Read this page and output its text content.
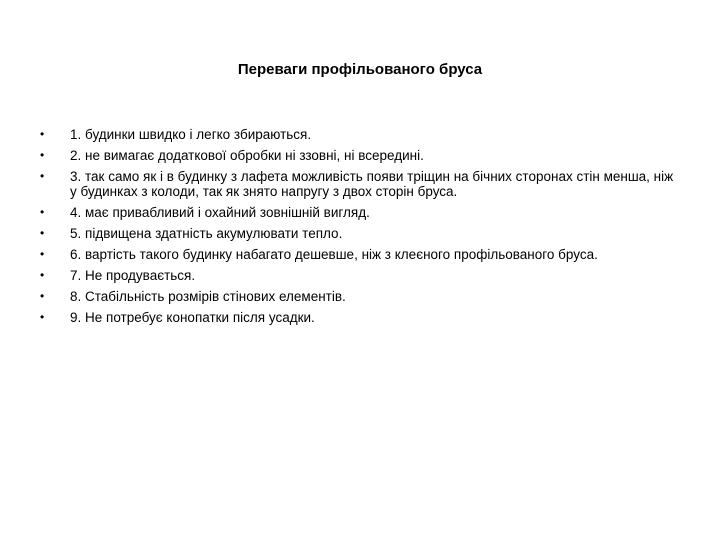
Переваги профільованого бруса
•	1. будинки швидко і легко збираються.
•	2. не вимагає додаткової обробки ні ззовні, ні всередині.
•	3. так само як і в будинку з лафета можливість появи тріщин на бічних сторонах стін менша, ніж у будинках з колоди, так як знято напругу з двох сторін бруса.
•	4. має привабливий і охайний зовнішній вигляд.
•	5. підвищена здатність акумулювати тепло.
•	6. вартість такого будинку набагато дешевше, ніж з клеєного профільованого бруса.
•	7. Не продувається.
•	8. Стабільність розмірів стінових елементів.
•	9. Не потребує конопатки після усадки.
